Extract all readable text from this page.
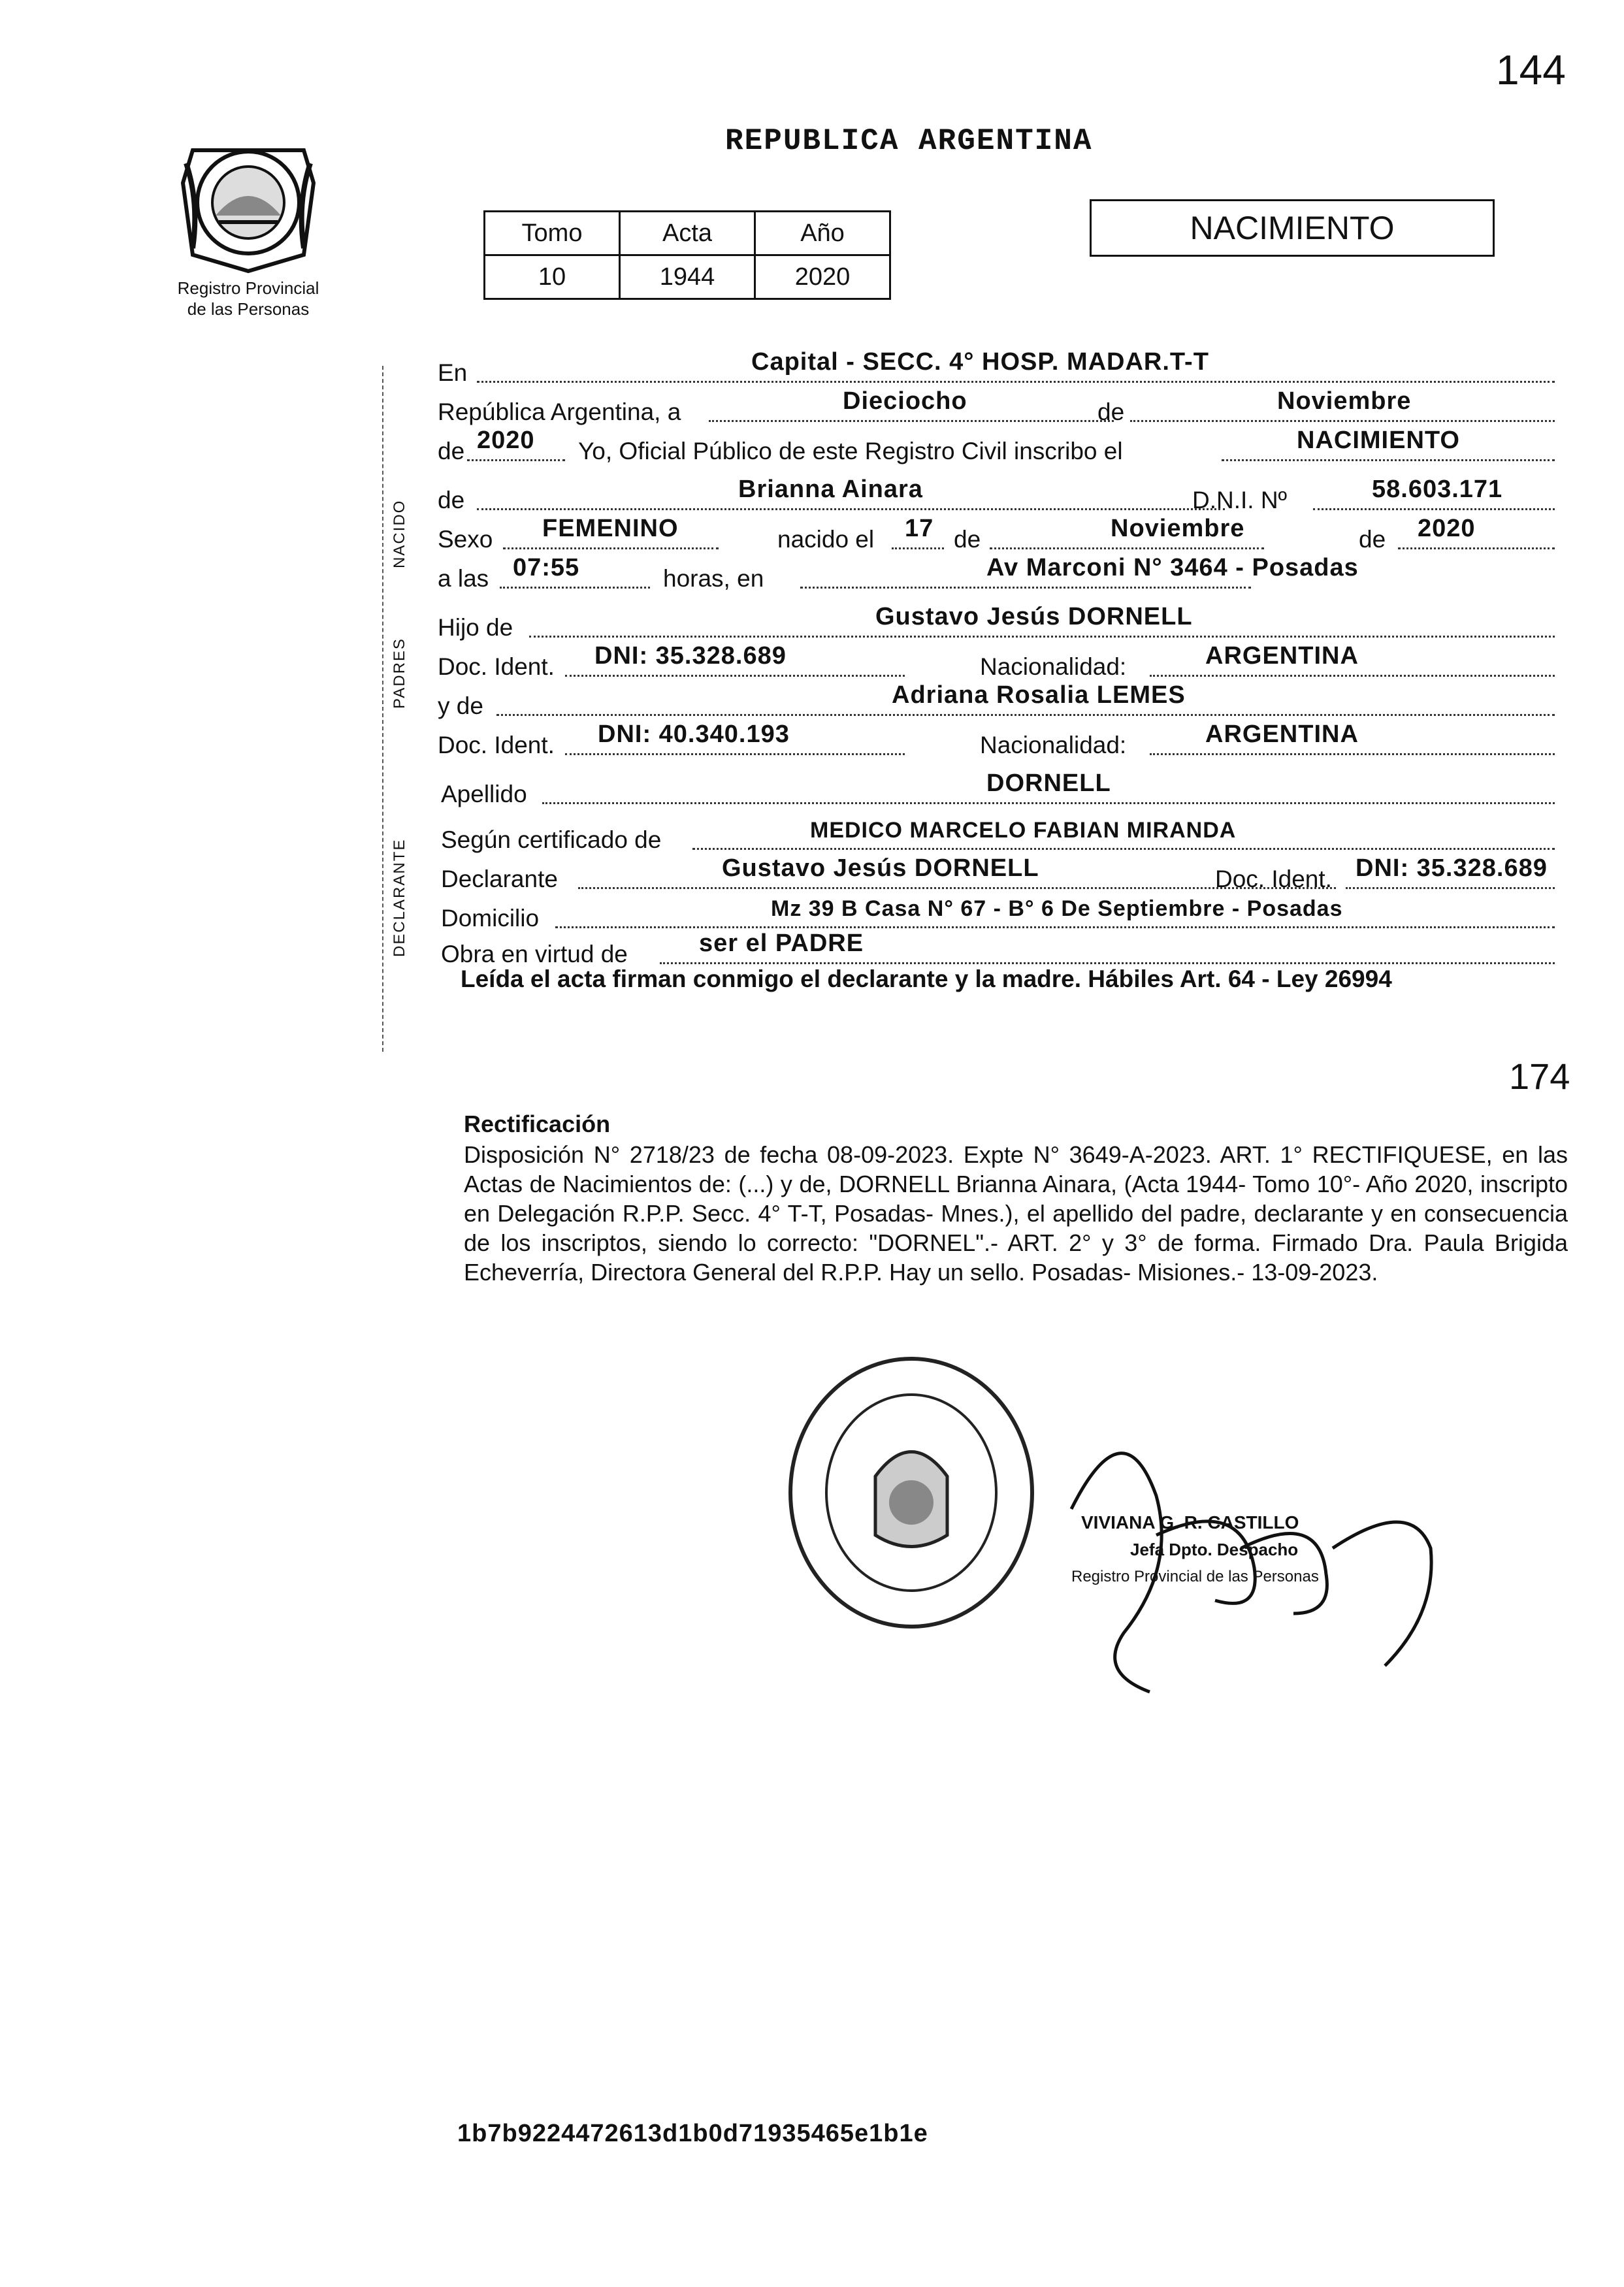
144
Registro Provincial
de las Personas
REPUBLICA ARGENTINA
Tomo	Acta	Año
10	1944	2020
NACIMIENTO
NACIDO
PADRES
DECLARANTE
En	Capital - SECC. 4° HOSP. MADAR.T-T
República Argentina, a	Dieciocho	de	Noviembre
de 2020 Yo, Oficial Público de este Registro Civil inscribo el	NACIMIENTO
de	Brianna Ainara	D.N.I. Nº	58.603.171
Sexo FEMENINO	nacido el 17 de	Noviembre	de 2020
a las 07:55	horas, en	Av Marconi N° 3464 - Posadas
Hijo de	Gustavo Jesús DORNELL
Doc. Ident. DNI: 35.328.689	Nacionalidad:	ARGENTINA
y de	Adriana Rosalia LEMES
Doc. Ident. DNI: 40.340.193	Nacionalidad:	ARGENTINA
Apellido	DORNELL
Según certificado de	MEDICO MARCELO FABIAN MIRANDA
Declarante	Gustavo Jesús DORNELL	Doc. Ident. DNI: 35.328.689
Domicilio	Mz 39 B Casa N° 67 - B° 6 De Septiembre - Posadas
Obra en virtud de	ser el PADRE
Leída el acta firman conmigo el declarante y la madre. Hábiles Art. 64 - Ley 26994
174
Rectificación
Disposición N° 2718/23 de fecha 08-09-2023. Expte N° 3649-A-2023. ART. 1° RECTIFIQUESE, en las Actas de Nacimientos de: (...) y de, DORNELL Brianna Ainara, (Acta 1944- Tomo 10°- Año 2020, inscripto en Delegación R.P.P. Secc. 4° T-T, Posadas- Mnes.), el apellido del padre, declarante y en consecuencia de los inscriptos, siendo lo correcto: "DORNEL".- ART. 2° y 3° de forma. Firmado Dra. Paula Brigida Echeverría, Directora General del R.P.P. Hay un sello. Posadas- Misiones.- 13-09-2023.
VIVIANA G. R. CASTILLO
Jefa Dpto. Despacho
Registro Provincial de las Personas
1b7b9224472613d1b0d71935465e1b1e
